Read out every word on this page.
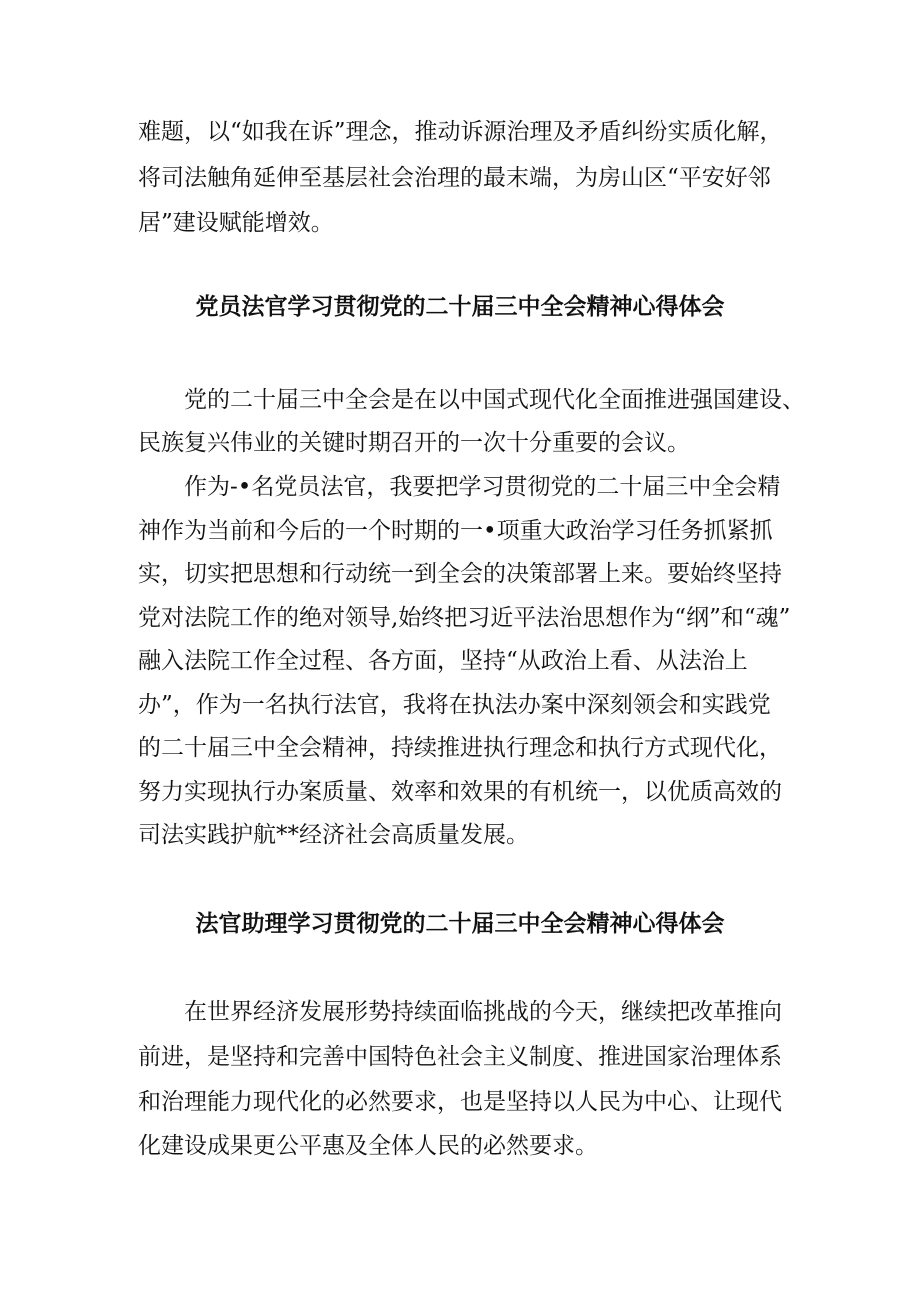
难题，以“如我在诉”理念，推动诉源治理及矛盾纠纷实质化解，
将司法触角延伸至基层社会治理的最末端，为房山区“平安好邻
居”建设赋能增效。
党员法官学习贯彻党的二十届三中全会精神心得体会
党的二十届三中全会是在以中国式现代化全面推进强国建设、
民族复兴伟业的关键时期召开的一次十分重要的会议。
作为-•名党员法官，我要把学习贯彻党的二十届三中全会精
神作为当前和今后的一个时期的一•项重大政治学习任务抓紧抓
实，切实把思想和行动统一到全会的决策部署上来。要始终坚持
党对法院工作的绝对领导,始终把习近平法治思想作为“纲”和“魂”
融入法院工作全过程、各方面，坚持“从政治上看、从法治上
办”，作为一名执行法官，我将在执法办案中深刻领会和实践党
的二十届三中全会精神，持续推进执行理念和执行方式现代化，
努力实现执行办案质量、效率和效果的有机统一，以优质高效的
司法实践护航**经济社会高质量发展。
法官助理学习贯彻党的二十届三中全会精神心得体会
在世界经济发展形势持续面临挑战的今天，继续把改革推向
前进，是坚持和完善中国特色社会主义制度、推进国家治理体系
和治理能力现代化的必然要求，也是坚持以人民为中心、让现代
化建设成果更公平惠及全体人民的必然要求。
